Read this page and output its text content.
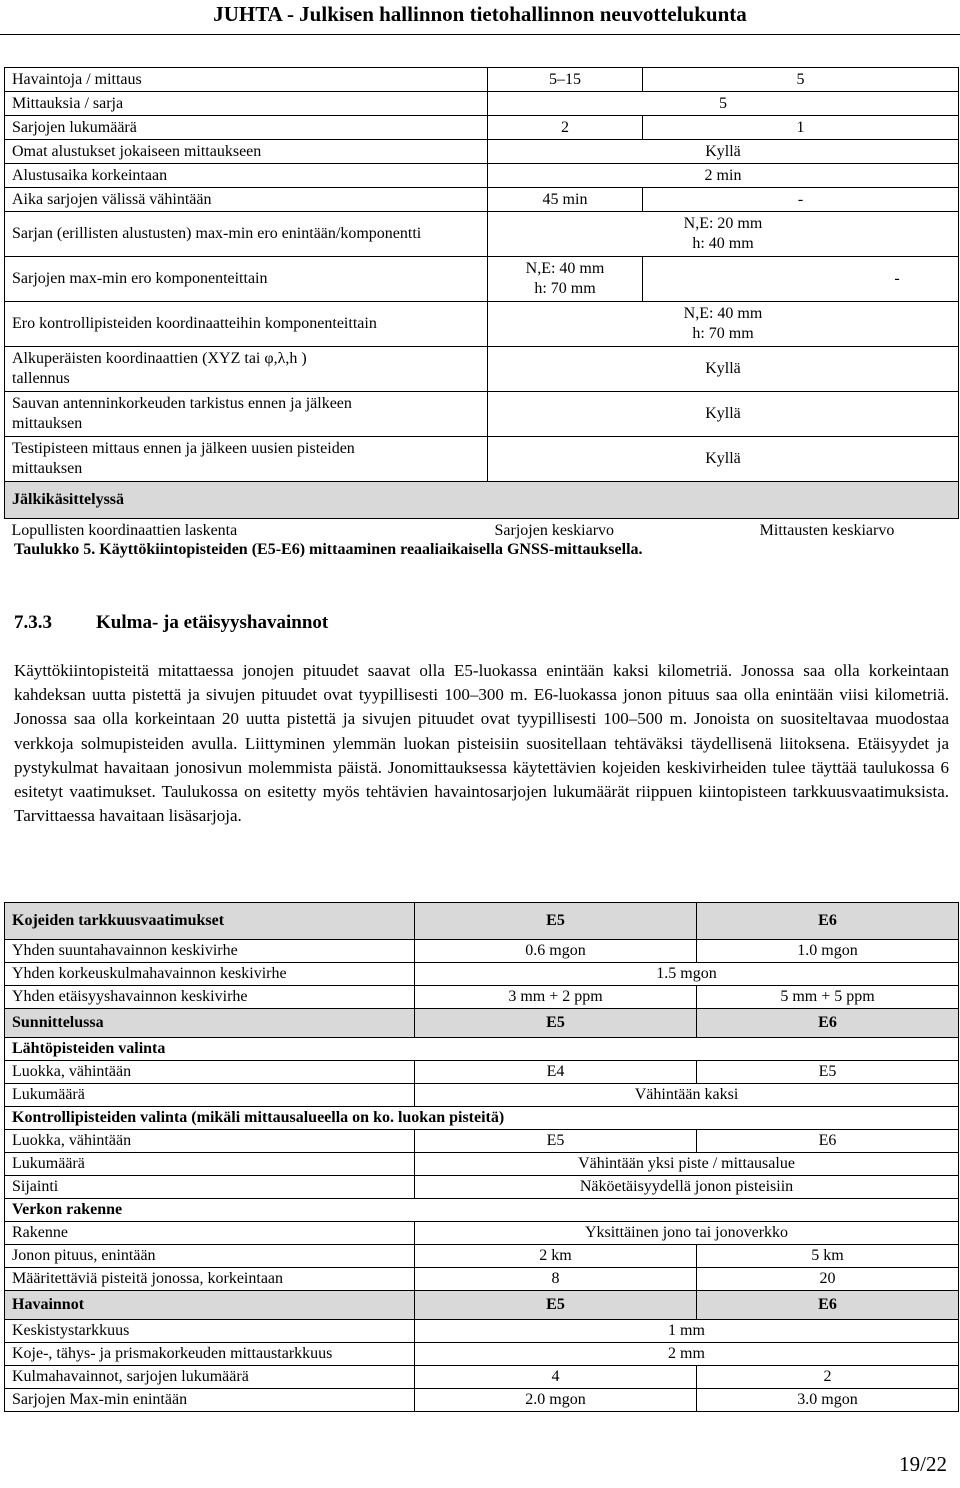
JUHTA - Julkisen hallinnon tietohallinnon neuvottelukunta
Havaintoja / mittaus	5–15	5
Mittauksia / sarja	5	
Sarjojen lukumäärä	2	1
Omat alustukset jokaiseen mittaukseen	Kyllä	
Alustusaika korkeintaan	2 min	
Aika sarjojen välissä vähintään	45 min	-
Sarjan (erillisten alustusten) max-min ero enintään/komponentti	N,E: 20 mm
h: 40 mm	
Sarjojen max-min ero komponenteittain	N,E: 40 mm
h: 70 mm	-
Ero kontrollipisteiden koordinaatteihin komponenteittain	N,E: 40 mm
h: 70 mm	
Alkuperäisten koordinaattien (XYZ tai φ,λ,h ) tallennus	Kyllä	
Sauvan antenninkorkeuden tarkistus ennen ja jälkeen mittauksen	Kyllä	
Testipisteen mittaus ennen ja jälkeen uusien pisteiden mittauksen	Kyllä	
Jälkikäsittelyssä		
Lopullisten koordinaattien laskenta	Sarjojen keskiarvo	Mittausten keskiarvo
Taulukko 5. Käyttökiintopisteiden (E5-E6) mittaaminen reaaliaikaisella GNSS-mittauksella.
7.3.3 Kulma- ja etäisyyshavainnot
Käyttökiintopisteitä mitattaessa jonojen pituudet saavat olla E5-luokassa enintään kaksi kilometriä. Jonossa saa olla korkeintaan kahdeksan uutta pistettä ja sivujen pituudet ovat tyypillisesti 100–300 m. E6-luokassa jonon pituus saa olla enintään viisi kilometriä. Jonossa saa olla korkeintaan 20 uutta pistettä ja sivujen pituudet ovat tyypillisesti 100–500 m. Jonoista on suositeltavaa muodostaa verkkoja solmupisteiden avulla. Liittyminen ylemmän luokan pisteisiin suositellaan tehtäväksi täydellisenä liitoksena. Etäisyydet ja pystykulmat havaitaan jonosivun molemmista päistä. Jonomittauksessa käytettävien kojeiden keskivirheiden tulee täyttää taulukossa 6 esitetyt vaatimukset. Taulukossa on esitetty myös tehtävien havaintosarjojen lukumäärät riippuen kiintopisteen tarkkuusvaatimuksista. Tarvittaessa havaitaan lisäsarjoja.
Kojeiden tarkkuusvaatimukset	E5	E6
Yhden suuntahavainnon keskivirhe	0.6 mgon	1.0 mgon
Yhden korkeuskulmahavainnon keskivirhe	1.5 mgon	
Yhden etäisyyshavainnon keskivirhe	3 mm + 2 ppm	5 mm + 5 ppm
Sunnittelussa	E5	E6
Lähtöpisteiden valinta		
Luokka, vähintään	E4	E5
Lukumäärä	Vähintään kaksi	
Kontrollipisteiden valinta (mikäli mittausalueella on ko. luokan pisteitä)		
Luokka, vähintään	E5	E6
Lukumäärä	Vähintään yksi piste / mittausalue	
Sijainti	Näköetäisyydellä jonon pisteisiin	
Verkon rakenne		
Rakenne	Yksittäinen jono tai jonoverkko	
Jonon pituus, enintään	2 km	5 km
Määritettäviä pisteitä jonossa, korkeintaan	8	20
Havainnot	E5	E6
Keskistystarkkuus	1 mm	
Koje-, tähys- ja prismakorkeuden mittaustarkkuus	2 mm	
Kulmahavainnot, sarjojen lukumäärä	4	2
Sarjojen Max-min enintään	2.0 mgon	3.0 mgon
19/22
